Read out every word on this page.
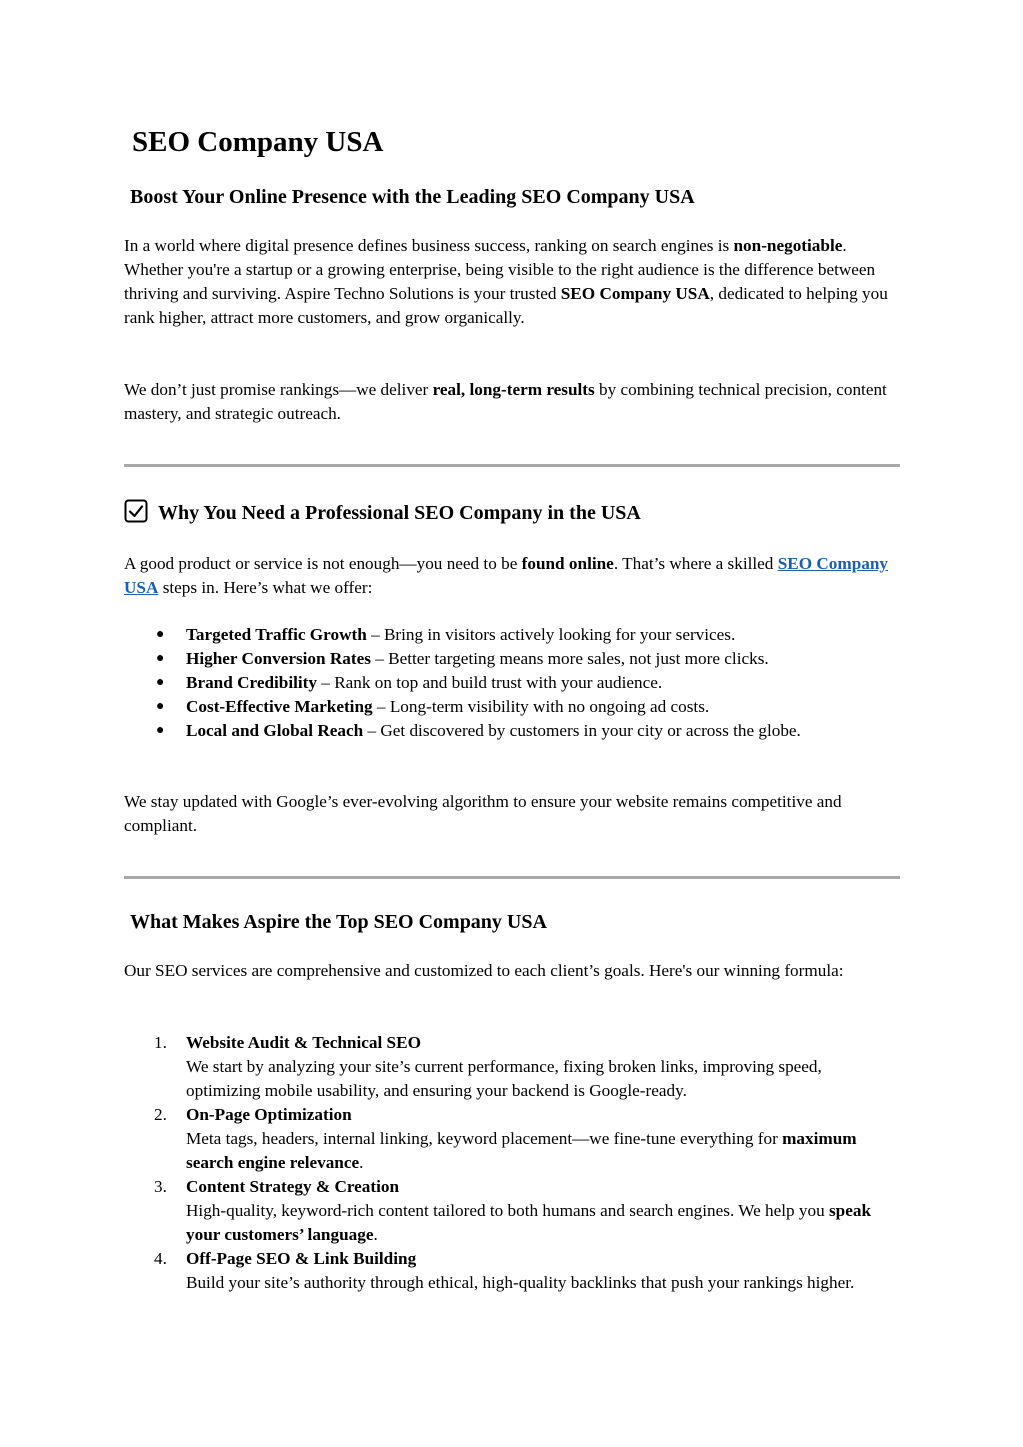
SEO Company USA
Boost Your Online Presence with the Leading SEO Company USA

In a world where digital presence defines business success, ranking on search engines is non-negotiable. Whether you're a startup or a growing enterprise, being visible to the right audience is the difference between thriving and surviving. Aspire Techno Solutions is your trusted SEO Company USA, dedicated to helping you rank higher, attract more customers, and grow organically.

We don’t just promise rankings—we deliver real, long-term results by combining technical precision, content mastery, and strategic outreach.

Why You Need a Professional SEO Company in the USA

A good product or service is not enough—you need to be found online. That’s where a skilled SEO Company USA steps in. Here’s what we offer:

● Targeted Traffic Growth – Bring in visitors actively looking for your services.
● Higher Conversion Rates – Better targeting means more sales, not just more clicks.
● Brand Credibility – Rank on top and build trust with your audience.
● Cost-Effective Marketing – Long-term visibility with no ongoing ad costs.
● Local and Global Reach – Get discovered by customers in your city or across the globe.

We stay updated with Google’s ever-evolving algorithm to ensure your website remains competitive and compliant.

What Makes Aspire the Top SEO Company USA

Our SEO services are comprehensive and customized to each client’s goals. Here's our winning formula:

1. Website Audit & Technical SEO
We start by analyzing your site’s current performance, fixing broken links, improving speed, optimizing mobile usability, and ensuring your backend is Google-ready.
2. On-Page Optimization
Meta tags, headers, internal linking, keyword placement—we fine-tune everything for maximum search engine relevance.
3. Content Strategy & Creation
High-quality, keyword-rich content tailored to both humans and search engines. We help you speak your customers’ language.
4. Off-Page SEO & Link Building
Build your site’s authority through ethical, high-quality backlinks that push your rankings higher.
